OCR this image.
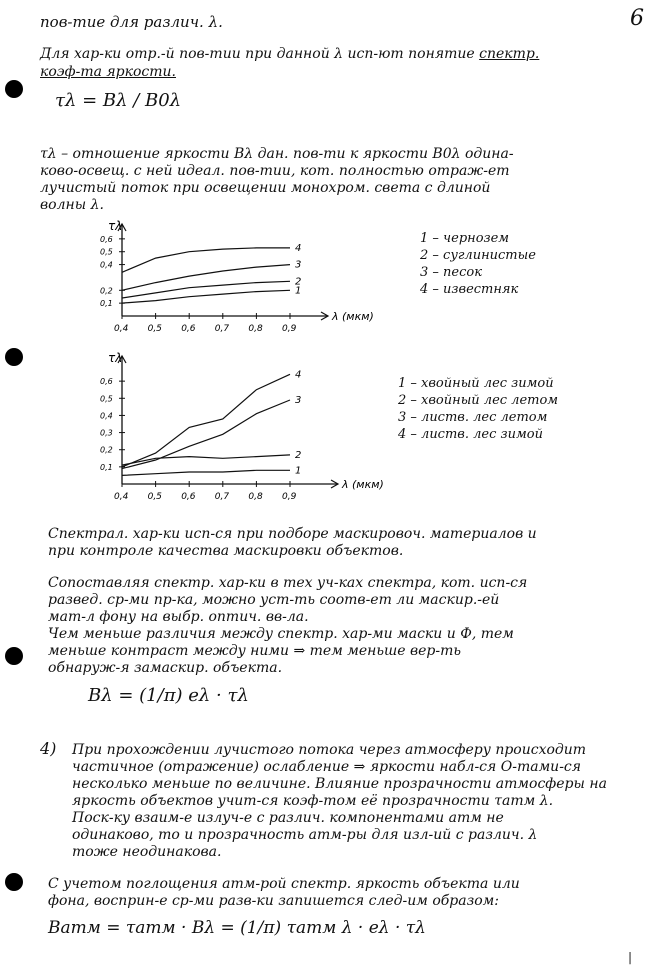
6
пов-тие для различ. λ.
Для хар-ки отр.-й пов-тии при данной λ исп-ют понятие спектр.
коэф-та яркости.
τλ = Bλ / B0λ
τλ – отношение яркости Bλ дан. пов-ти к яркости B0λ одина-
ково-освещ. с ней идеал. пов-тии, кот. полностью отраж-ет
лучистый поток при освещении монохром. света с длиной
волны λ.
τλ
λ (мкм)
0,4 0,5 0,6 0,7 0,8 0,9
0,6
0,5
0,4
0,2
0,1
1
2
3
4
1 – чернозем
2 – суглинистые
3 – песок
4 – известняк
τλ
λ (мкм)
0,4 0,5 0,6 0,7 0,8 0,9
0,6
0,5
0,4
0,3
0,2
0,1	1
2
3
4
1 – хвойный лес зимой
2 – хвойный лес летом
3 – листв. лес летом
4 – листв. лес зимой
Спектрал. хар-ки исп-ся при подборе маскировоч. материалов и
при контроле качества маскировки объектов.
Сопоставляя спектр. хар-ки в тех уч-ках спектра, кот. исп-ся
развед. ср-ми пр-ка, можно уст-ть соотв-ет ли маскир.-ей
мат-л фону на выбр. оптич. вв-ла.
Чем меньше различия между спектр. хар-ми маски и Ф, тем
меньше контраст между ними ⇒ тем меньше вер-ть
обнаруж-я замаскир. объекта.
Bλ = (1/π) eλ · τλ
4) При прохождении лучистого потока через атмосферу происходит
частичное (отражение) ослабление ⇒ яркости набл-ся О-тами-ся
несколько меньше по величине. Влияние прозрачности атмосферы на
яркость объектов учит-ся коэф-том её прозрачности τатм λ.
Поск-ку взаим-е излуч-е с различ. компонентами атм не
одинаково, то и прозрачность атм-ры для изл-ий с различ. λ
тоже неодинакова.
С учетом поглощения атм-рой спектр. яркость объекта или
фона, восприн-е ср-ми разв-ки запишется след-им образом:
Bатм = τатм · Bλ = (1/π) τатм λ · eλ · τλ
|
